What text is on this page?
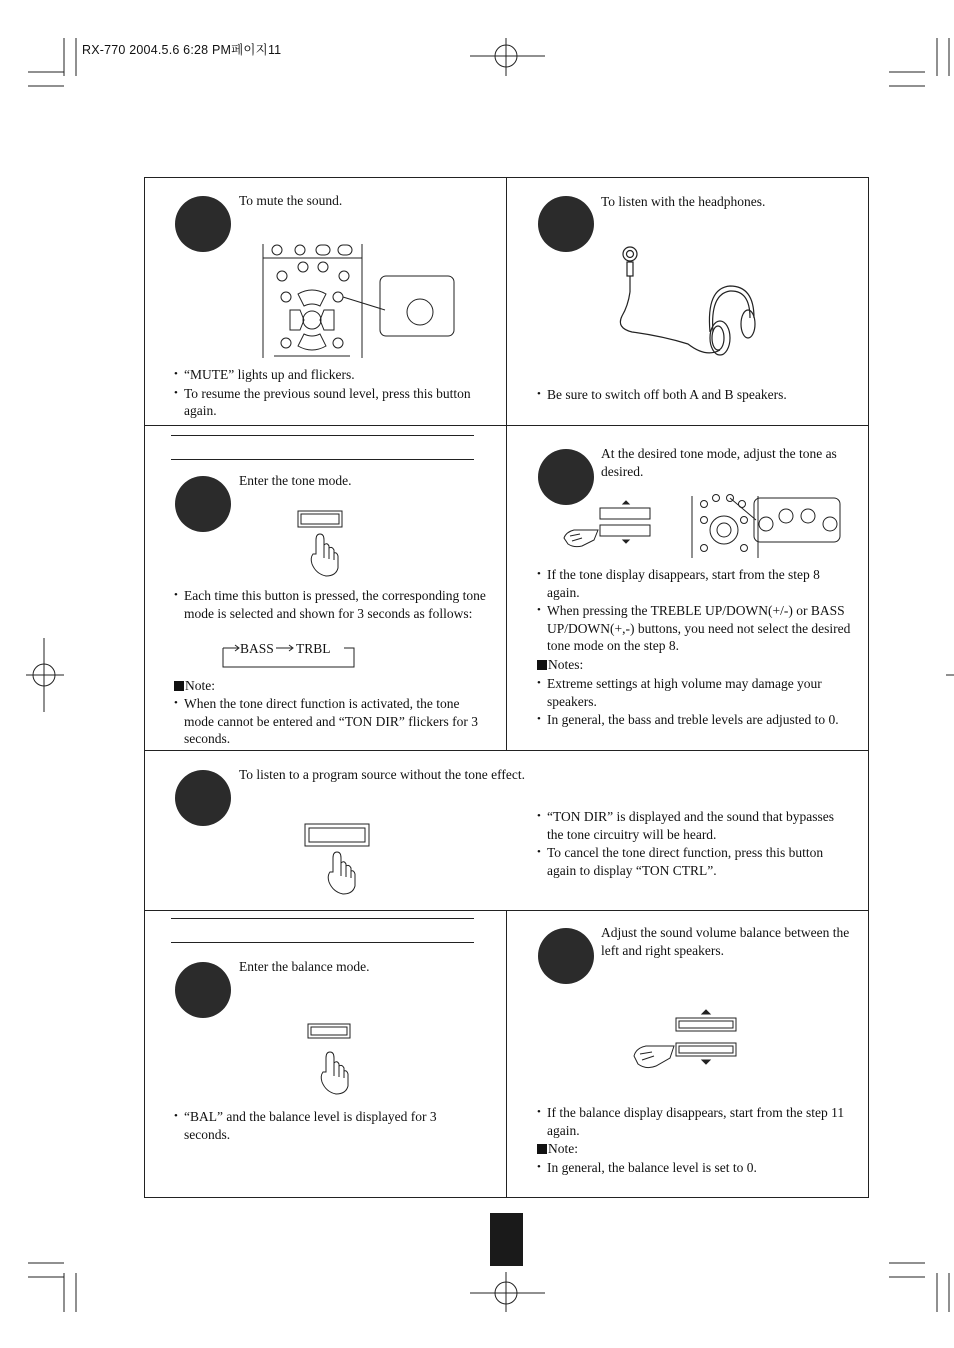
RX-770 2004.5.6 6:28 PM페이지11
To mute the sound.
• “MUTE” lights up and flickers.
• To resume the previous sound level, press this button again.
To listen with the headphones.
• Be sure to switch off both A and B speakers.
Enter the tone mode.
• Each time this button is pressed, the corresponding tone mode is selected and shown for 3 seconds as follows:
BASS TRBL
Note:
• When the tone direct function is activated, the tone mode cannot be entered and “TON DIR” flickers for 3 seconds.
At the desired tone mode, adjust the tone as desired.
• If the tone display disappears, start from the step 8 again.
• When pressing the TREBLE UP/DOWN(+/-) or BASS UP/DOWN(+,-) buttons, you need not select the desired tone mode on the step 8.
Notes:
• Extreme settings at high volume may damage your speakers.
• In general, the bass and treble levels are adjusted to 0.
To listen to a program source without the tone effect.
• “TON DIR” is displayed and the sound that bypasses the tone circuitry will be heard.
• To cancel the tone direct function, press this button again to display “TON CTRL”.
Enter the balance mode.
• “BAL” and the balance level is displayed for 3 seconds.
Adjust the sound volume balance between the left and right speakers.
• If the balance display disappears, start from the step 11 again.
Note:
• In general, the balance level is set to 0.
